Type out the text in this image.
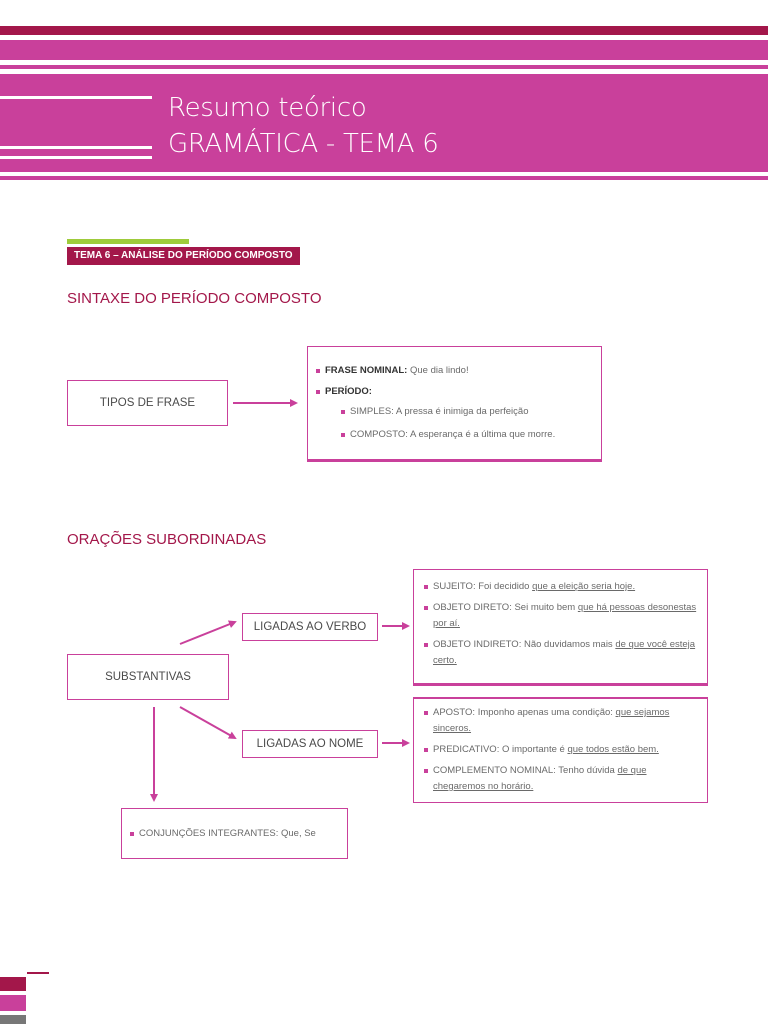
Resumo teórico
GRAMÁTICA - TEMA 6
TEMA 6 – ANÁLISE DO PERÍODO COMPOSTO
SINTAXE DO PERÍODO COMPOSTO
TIPOS DE FRASE
FRASE NOMINAL: Que dia lindo!
PERÍODO:
SIMPLES: A pressa é inimiga da perfeição
COMPOSTO: A esperança é a última que morre.
ORAÇÕES SUBORDINADAS
SUBSTANTIVAS
LIGADAS AO VERBO
LIGADAS AO NOME
SUJEITO: Foi decidido que a eleição seria hoje.
OBJETO DIRETO: Sei muito bem que há pessoas desonestas por aí.
OBJETO INDIRETO: Não duvidamos mais de que você esteja certo.
APOSTO: Imponho apenas uma condição: que sejamos sinceros.
PREDICATIVO: O importante é que todos estão bem.
COMPLEMENTO NOMINAL: Tenho dúvida de que chegaremos no horário.
CONJUNÇÕES INTEGRANTES: Que, Se
